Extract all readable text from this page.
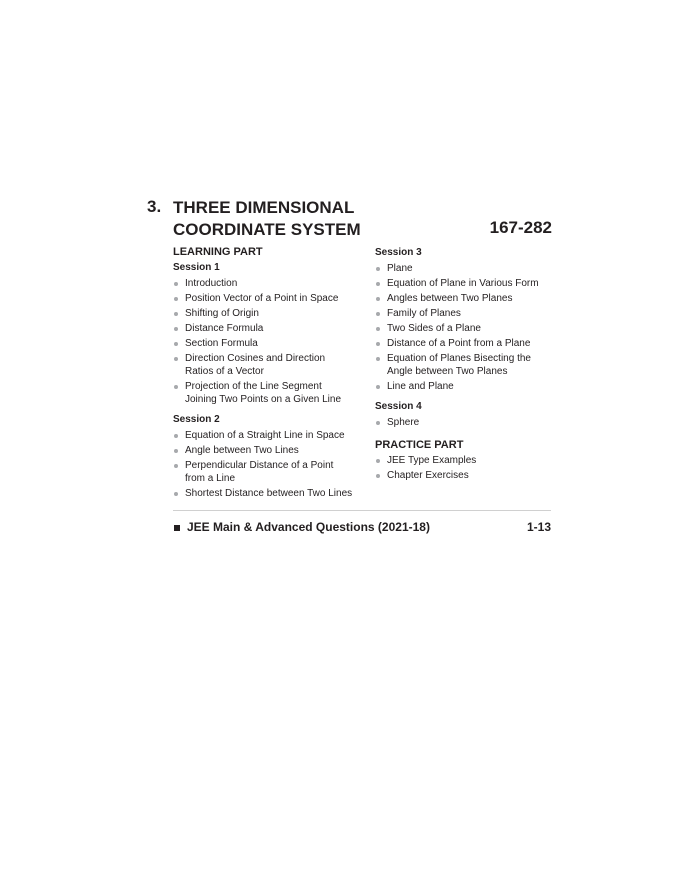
3. THREE DIMENSIONAL COORDINATE SYSTEM	167-282
LEARNING PART
Session 1
Introduction
Position Vector of a Point in Space
Shifting of Origin
Distance Formula
Section Formula
Direction Cosines and Direction Ratios of a Vector
Projection of the Line Segment Joining Two Points on a Given Line
Session 2
Equation of a Straight Line in Space
Angle between Two Lines
Perpendicular Distance of a Point from a Line
Shortest Distance between Two Lines
Session 3
Plane
Equation of Plane in Various Form
Angles between Two Planes
Family of Planes
Two Sides of a Plane
Distance of a Point from a Plane
Equation of Planes Bisecting the Angle between Two Planes
Line and Plane
Session 4
Sphere
PRACTICE PART
JEE Type Examples
Chapter Exercises
JEE Main & Advanced Questions (2021-18)	1-13
